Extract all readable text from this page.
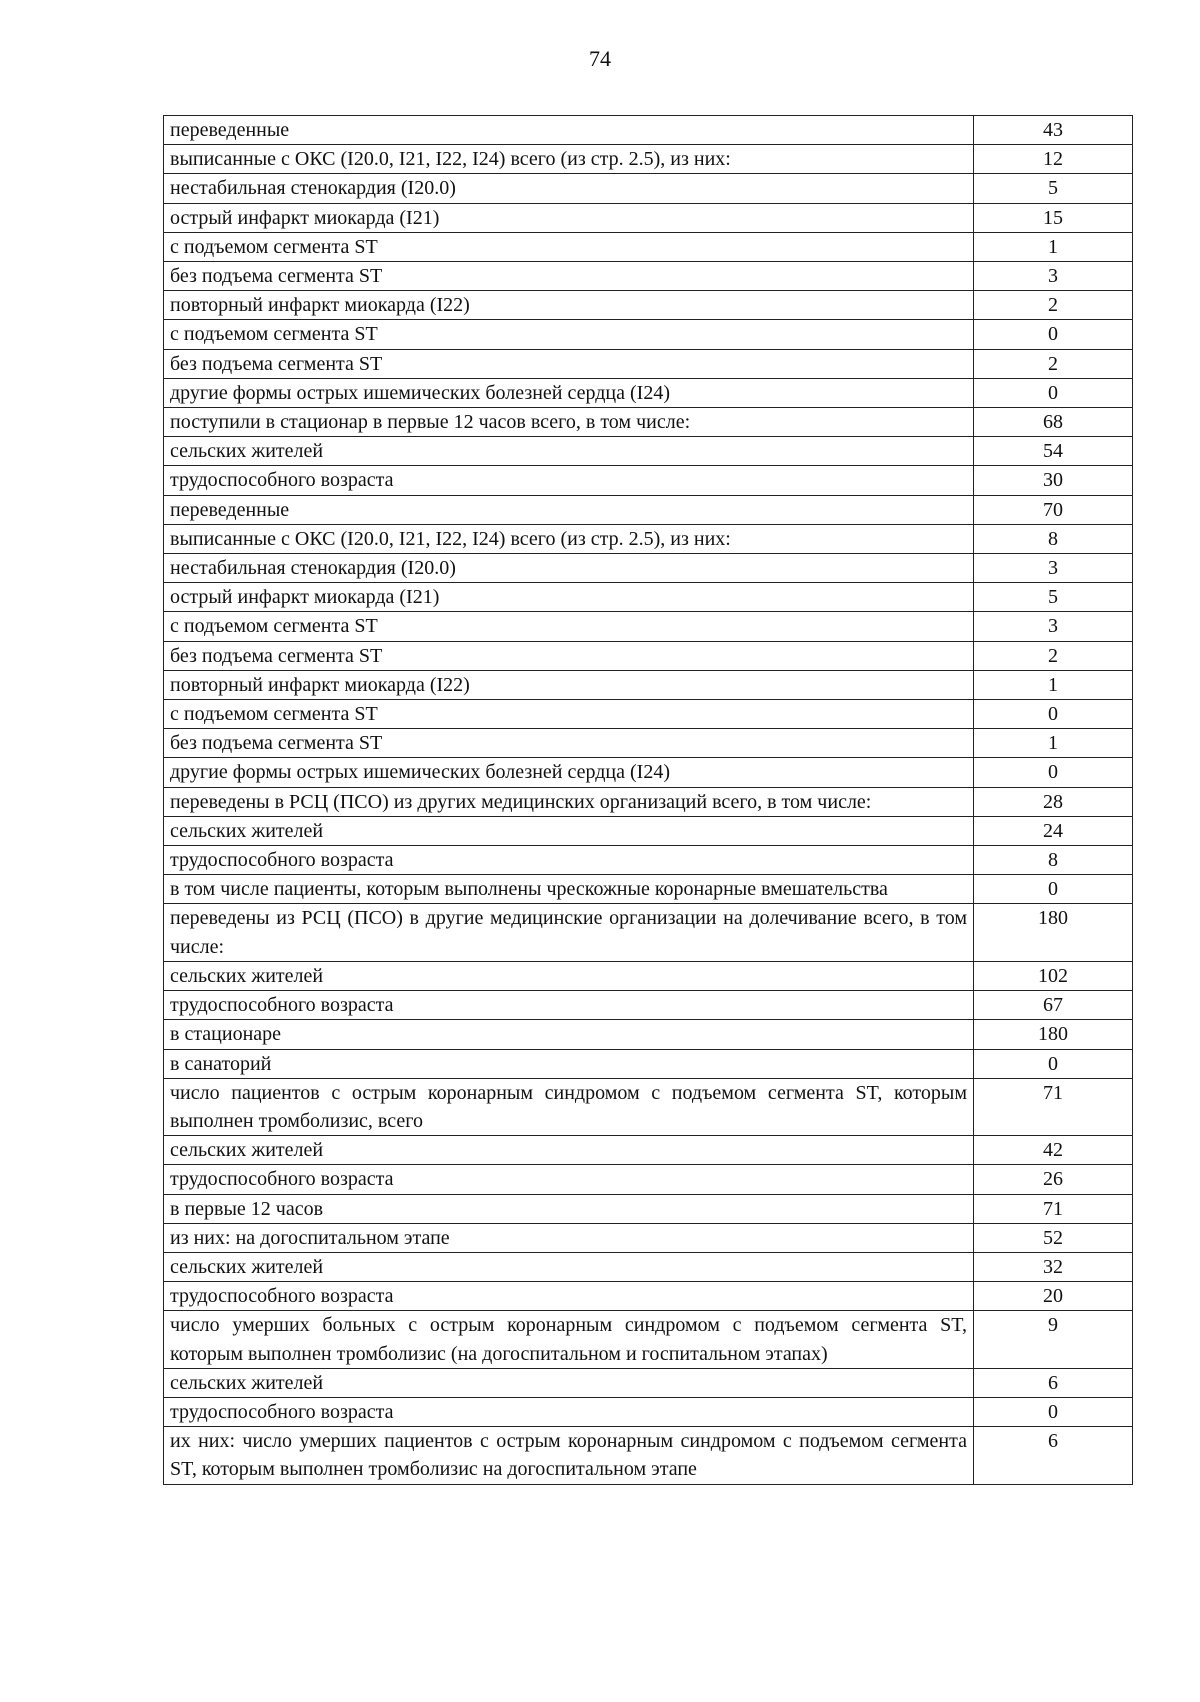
74
переведенные	43
выписанные с ОКС (I20.0, I21, I22, I24) всего (из стр. 2.5), из них:	12
нестабильная стенокардия (I20.0)	5
острый инфаркт миокарда (I21)	15
с подъемом сегмента ST	1
без подъема сегмента ST	3
повторный инфаркт миокарда (I22)	2
с подъемом сегмента ST	0
без подъема сегмента ST	2
другие формы острых ишемических болезней сердца (I24)	0
поступили в стационар в первые 12 часов всего, в том числе:	68
сельских жителей	54
трудоспособного возраста	30
переведенные	70
выписанные с ОКС (I20.0, I21, I22, I24) всего (из стр. 2.5), из них:	8
нестабильная стенокардия (I20.0)	3
острый инфаркт миокарда (I21)	5
с подъемом сегмента ST	3
без подъема сегмента ST	2
повторный инфаркт миокарда (I22)	1
с подъемом сегмента ST	0
без подъема сегмента ST	1
другие формы острых ишемических болезней сердца (I24)	0
переведены в РСЦ (ПСО) из других медицинских организаций всего, в том числе:	28
сельских жителей	24
трудоспособного возраста	8
в том числе пациенты, которым выполнены чрескожные коронарные вмешательства	0
переведены из РСЦ (ПСО) в другие медицинские организации на долечивание всего, в том числе:	180
сельских жителей	102
трудоспособного возраста	67
в стационаре	180
в санаторий	0
число пациентов с острым коронарным синдромом с подъемом сегмента ST, которым выполнен тромболизис, всего	71
сельских жителей	42
трудоспособного возраста	26
в первые 12 часов	71
из них: на догоспитальном этапе	52
сельских жителей	32
трудоспособного возраста	20
число умерших больных с острым коронарным синдромом с подъемом сегмента ST, которым выполнен тромболизис (на догоспитальном и госпитальном этапах)	9
сельских жителей	6
трудоспособного возраста	0
их них: число умерших пациентов с острым коронарным синдромом с подъемом сегмента ST, которым выполнен тромболизис на догоспитальном этапе	6
